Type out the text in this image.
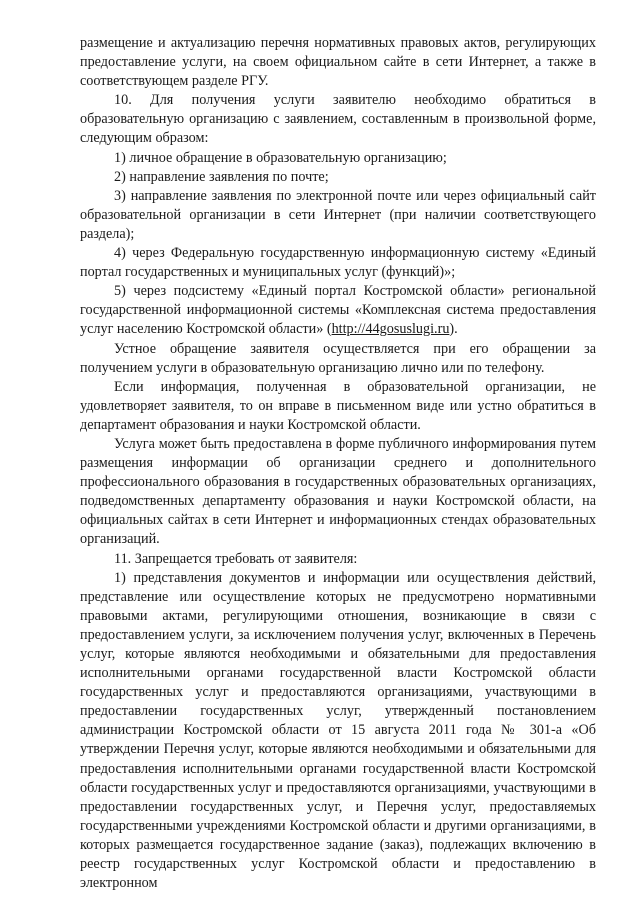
размещение и актуализацию перечня нормативных правовых актов, регулирующих предоставление услуги, на своем официальном сайте в сети Интернет, а также в соответствующем разделе РГУ.

10. Для получения услуги заявителю необходимо обратиться в образовательную организацию с заявлением, составленным в произвольной форме, следующим образом:

1) личное обращение в образовательную организацию;

2) направление заявления по почте;

3) направление заявления по электронной почте или через официальный сайт образовательной организации в сети Интернет (при наличии соответствующего раздела);

4) через Федеральную государственную информационную систему «Единый портал государственных и муниципальных услуг (функций)»;

5) через подсистему «Единый портал Костромской области» региональной государственной информационной системы «Комплексная система предоставления услуг населению Костромской области» (http://44gosuslugi.ru).

Устное обращение заявителя осуществляется при его обращении за получением услуги в образовательную организацию лично или по телефону.

Если информация, полученная в образовательной организации, не удовлетворяет заявителя, то он вправе в письменном виде или устно обратиться в департамент образования и науки Костромской области.

Услуга может быть предоставлена в форме публичного информирования путем размещения информации об организации среднего и дополнительного профессионального образования в государственных образовательных организациях, подведомственных департаменту образования и науки Костромской области, на официальных сайтах в сети Интернет и информационных стендах образовательных организаций.

11. Запрещается требовать от заявителя:

1) представления документов и информации или осуществления действий, представление или осуществление которых не предусмотрено нормативными правовыми актами, регулирующими отношения, возникающие в связи с предоставлением услуги, за исключением получения услуг, включенных в Перечень услуг, которые являются необходимыми и обязательными для предоставления исполнительными органами государственной власти Костромской области государственных услуг и предоставляются организациями, участвующими в предоставлении государственных услуг, утвержденный постановлением администрации Костромской области от 15 августа 2011 года № 301-а «Об утверждении Перечня услуг, которые являются необходимыми и обязательными для предоставления исполнительными органами государственной власти Костромской области государственных услуг и предоставляются организациями, участвующими в предоставлении государственных услуг, и Перечня услуг, предоставляемых государственными учреждениями Костромской области и другими организациями, в которых размещается государственное задание (заказ), подлежащих включению в реестр государственных услуг Костромской области и предоставлению в электронном
